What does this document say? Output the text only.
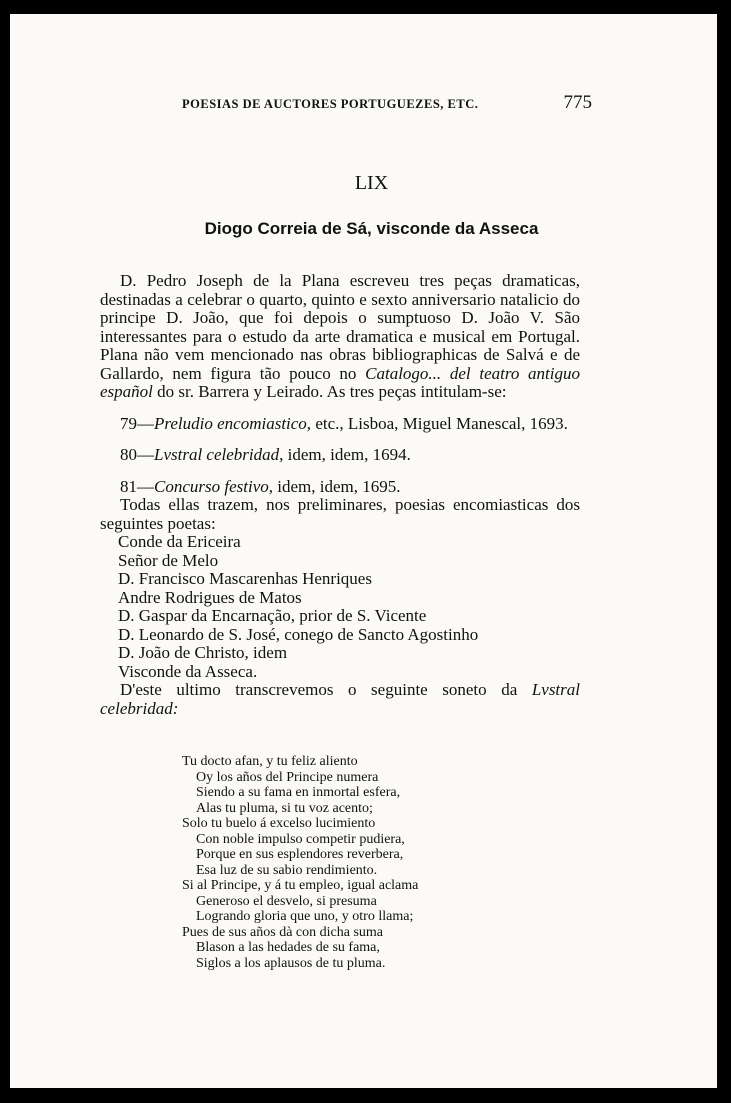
POESIAS DE AUCTORES PORTUGUEZES, ETC.	775
LIX
Diogo Correia de Sá, visconde da Asseca

D. Pedro Joseph de la Plana escreveu tres peças dramaticas, destinadas a celebrar o quarto, quinto e sexto anniversario natalicio do principe D. João, que foi depois o sumptuoso D. João V. São interessantes para o estudo da arte dramatica e musical em Portugal. Plana não vem mencionado nas obras bibliographicas de Salvá e de Gallardo, nem figura tão pouco no Catalogo... del teatro antiguo español do sr. Barrera y Leirado. As tres peças intitulam-se:

79—Preludio encomiastico, etc., Lisboa, Miguel Manescal, 1693.

80—Lvstral celebridad, idem, idem, 1694.

81—Concurso festivo, idem, idem, 1695.

Todas ellas trazem, nos preliminares, poesias encomiasticas dos seguintes poetas:

Conde da Ericeira

Señor de Melo

D. Francisco Mascarenhas Henriques

Andre Rodrigues de Matos

D. Gaspar da Encarnação, prior de S. Vicente

D. Leonardo de S. José, conego de Sancto Agostinho

D. João de Christo, idem

Visconde da Asseca.

D'este ultimo transcrevemos o seguinte soneto da Lvstral celebridad:

Tu docto afan, y tu feliz aliento
Oy los años del Principe numera
Siendo a su fama en inmortal esfera,
Alas tu pluma, si tu voz acento;
Solo tu buelo á excelso lucimiento
Con noble impulso competir pudiera,
Porque en sus esplendores reverbera,
Esa luz de su sabio rendimiento.
Si al Principe, y á tu empleo, igual aclama
Generoso el desvelo, si presuma
Logrando gloria que uno, y otro llama;
Pues de sus años dà con dicha suma
Blason a las hedades de su fama,
Siglos a los aplausos de tu pluma.
